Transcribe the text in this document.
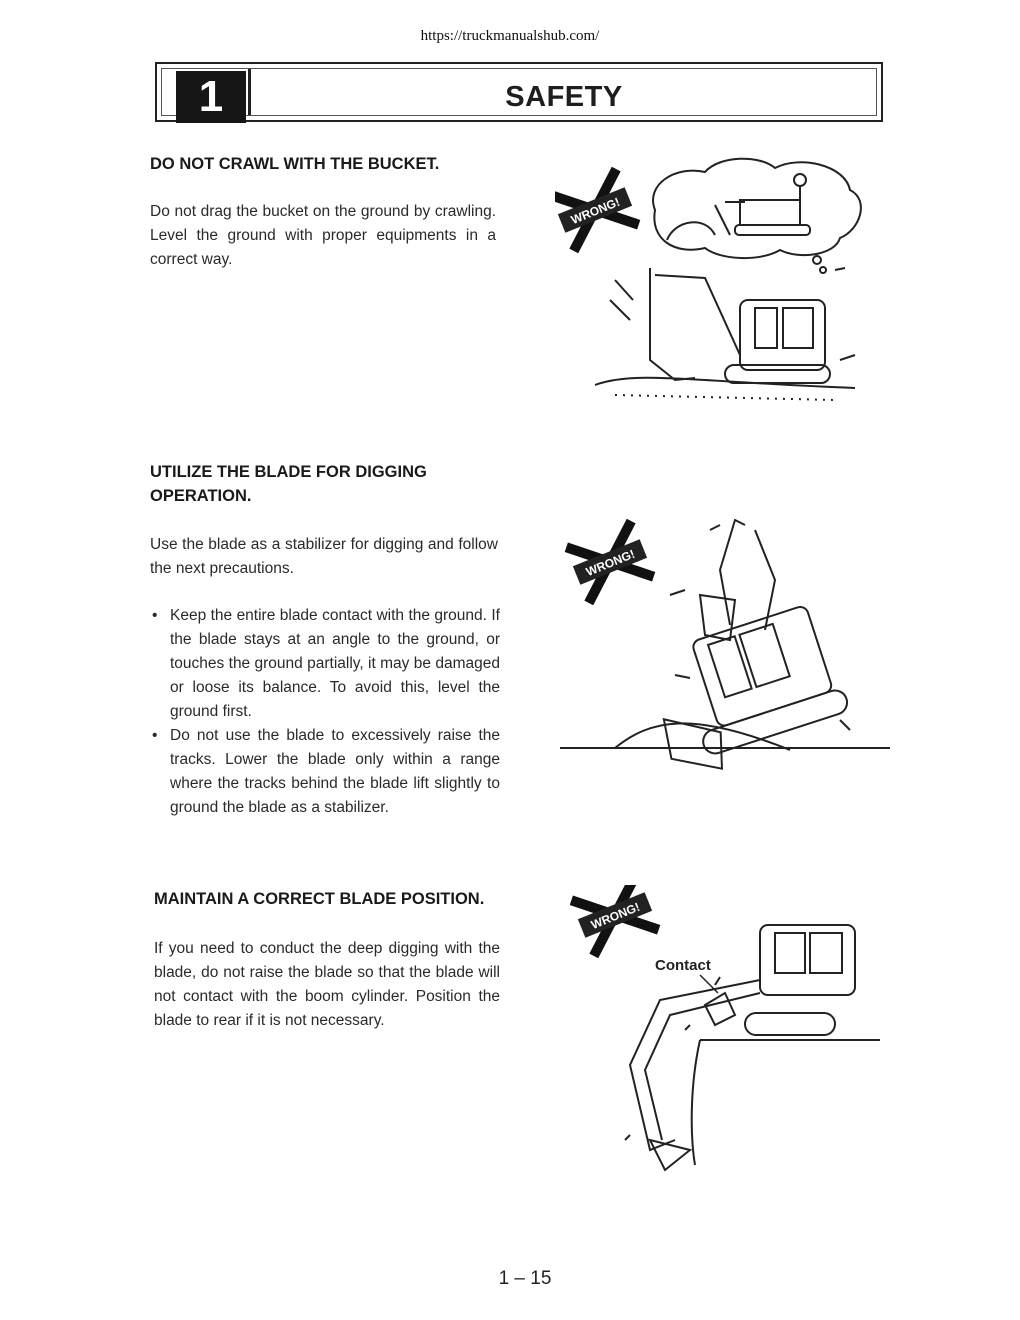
https://truckmanualshub.com/
1	SAFETY
DO NOT CRAWL WITH THE BUCKET.
Do not drag the bucket on the ground by crawling. Level the ground with proper equipments in a correct way.
WRONG!
UTILIZE THE BLADE FOR DIGGING
OPERATION.
Use the blade as a stabilizer for digging and follow the next precautions.
• Keep the entire blade contact with the ground. If the blade stays at an angle to the ground, or touches the ground partially, it may be damaged or loose its balance. To avoid this, level the ground first.
• Do not use the blade to excessively raise the tracks. Lower the blade only within a range where the tracks behind the blade lift slightly to ground the blade as a stabilizer.
WRONG!
MAINTAIN A CORRECT BLADE POSITION.
If you need to conduct the deep digging with the blade, do not raise the blade so that the blade will not contact with the boom cylinder. Position the blade to rear if it is not necessary.
Contact
WRONG!
1 – 15
